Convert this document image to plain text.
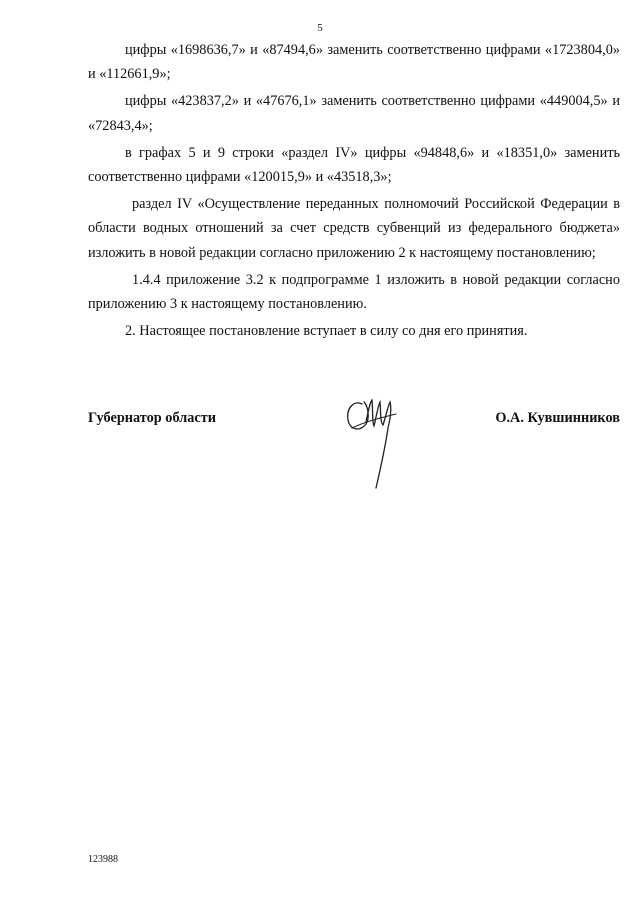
5

цифры «1698636,7» и «87494,6» заменить соответственно цифрами «1723804,0» и «112661,9»;

цифры «423837,2» и «47676,1» заменить соответственно цифрами «449004,5» и «72843,4»;

в графах 5 и 9 строки «раздел IV» цифры «94848,6» и «18351,0» заменить соответственно цифрами «120015,9» и «43518,3»;

раздел IV «Осуществление переданных полномочий Российской Федерации в области водных отношений за счет средств субвенций из федерального бюджета» изложить в новой редакции согласно приложению 2 к настоящему постановлению;

1.4.4 приложение 3.2 к подпрограмме 1 изложить в новой редакции согласно приложению 3 к настоящему постановлению.

2. Настоящее постановление вступает в силу со дня его принятия.

Губернатор области	О.А. Кувшинников
123988
